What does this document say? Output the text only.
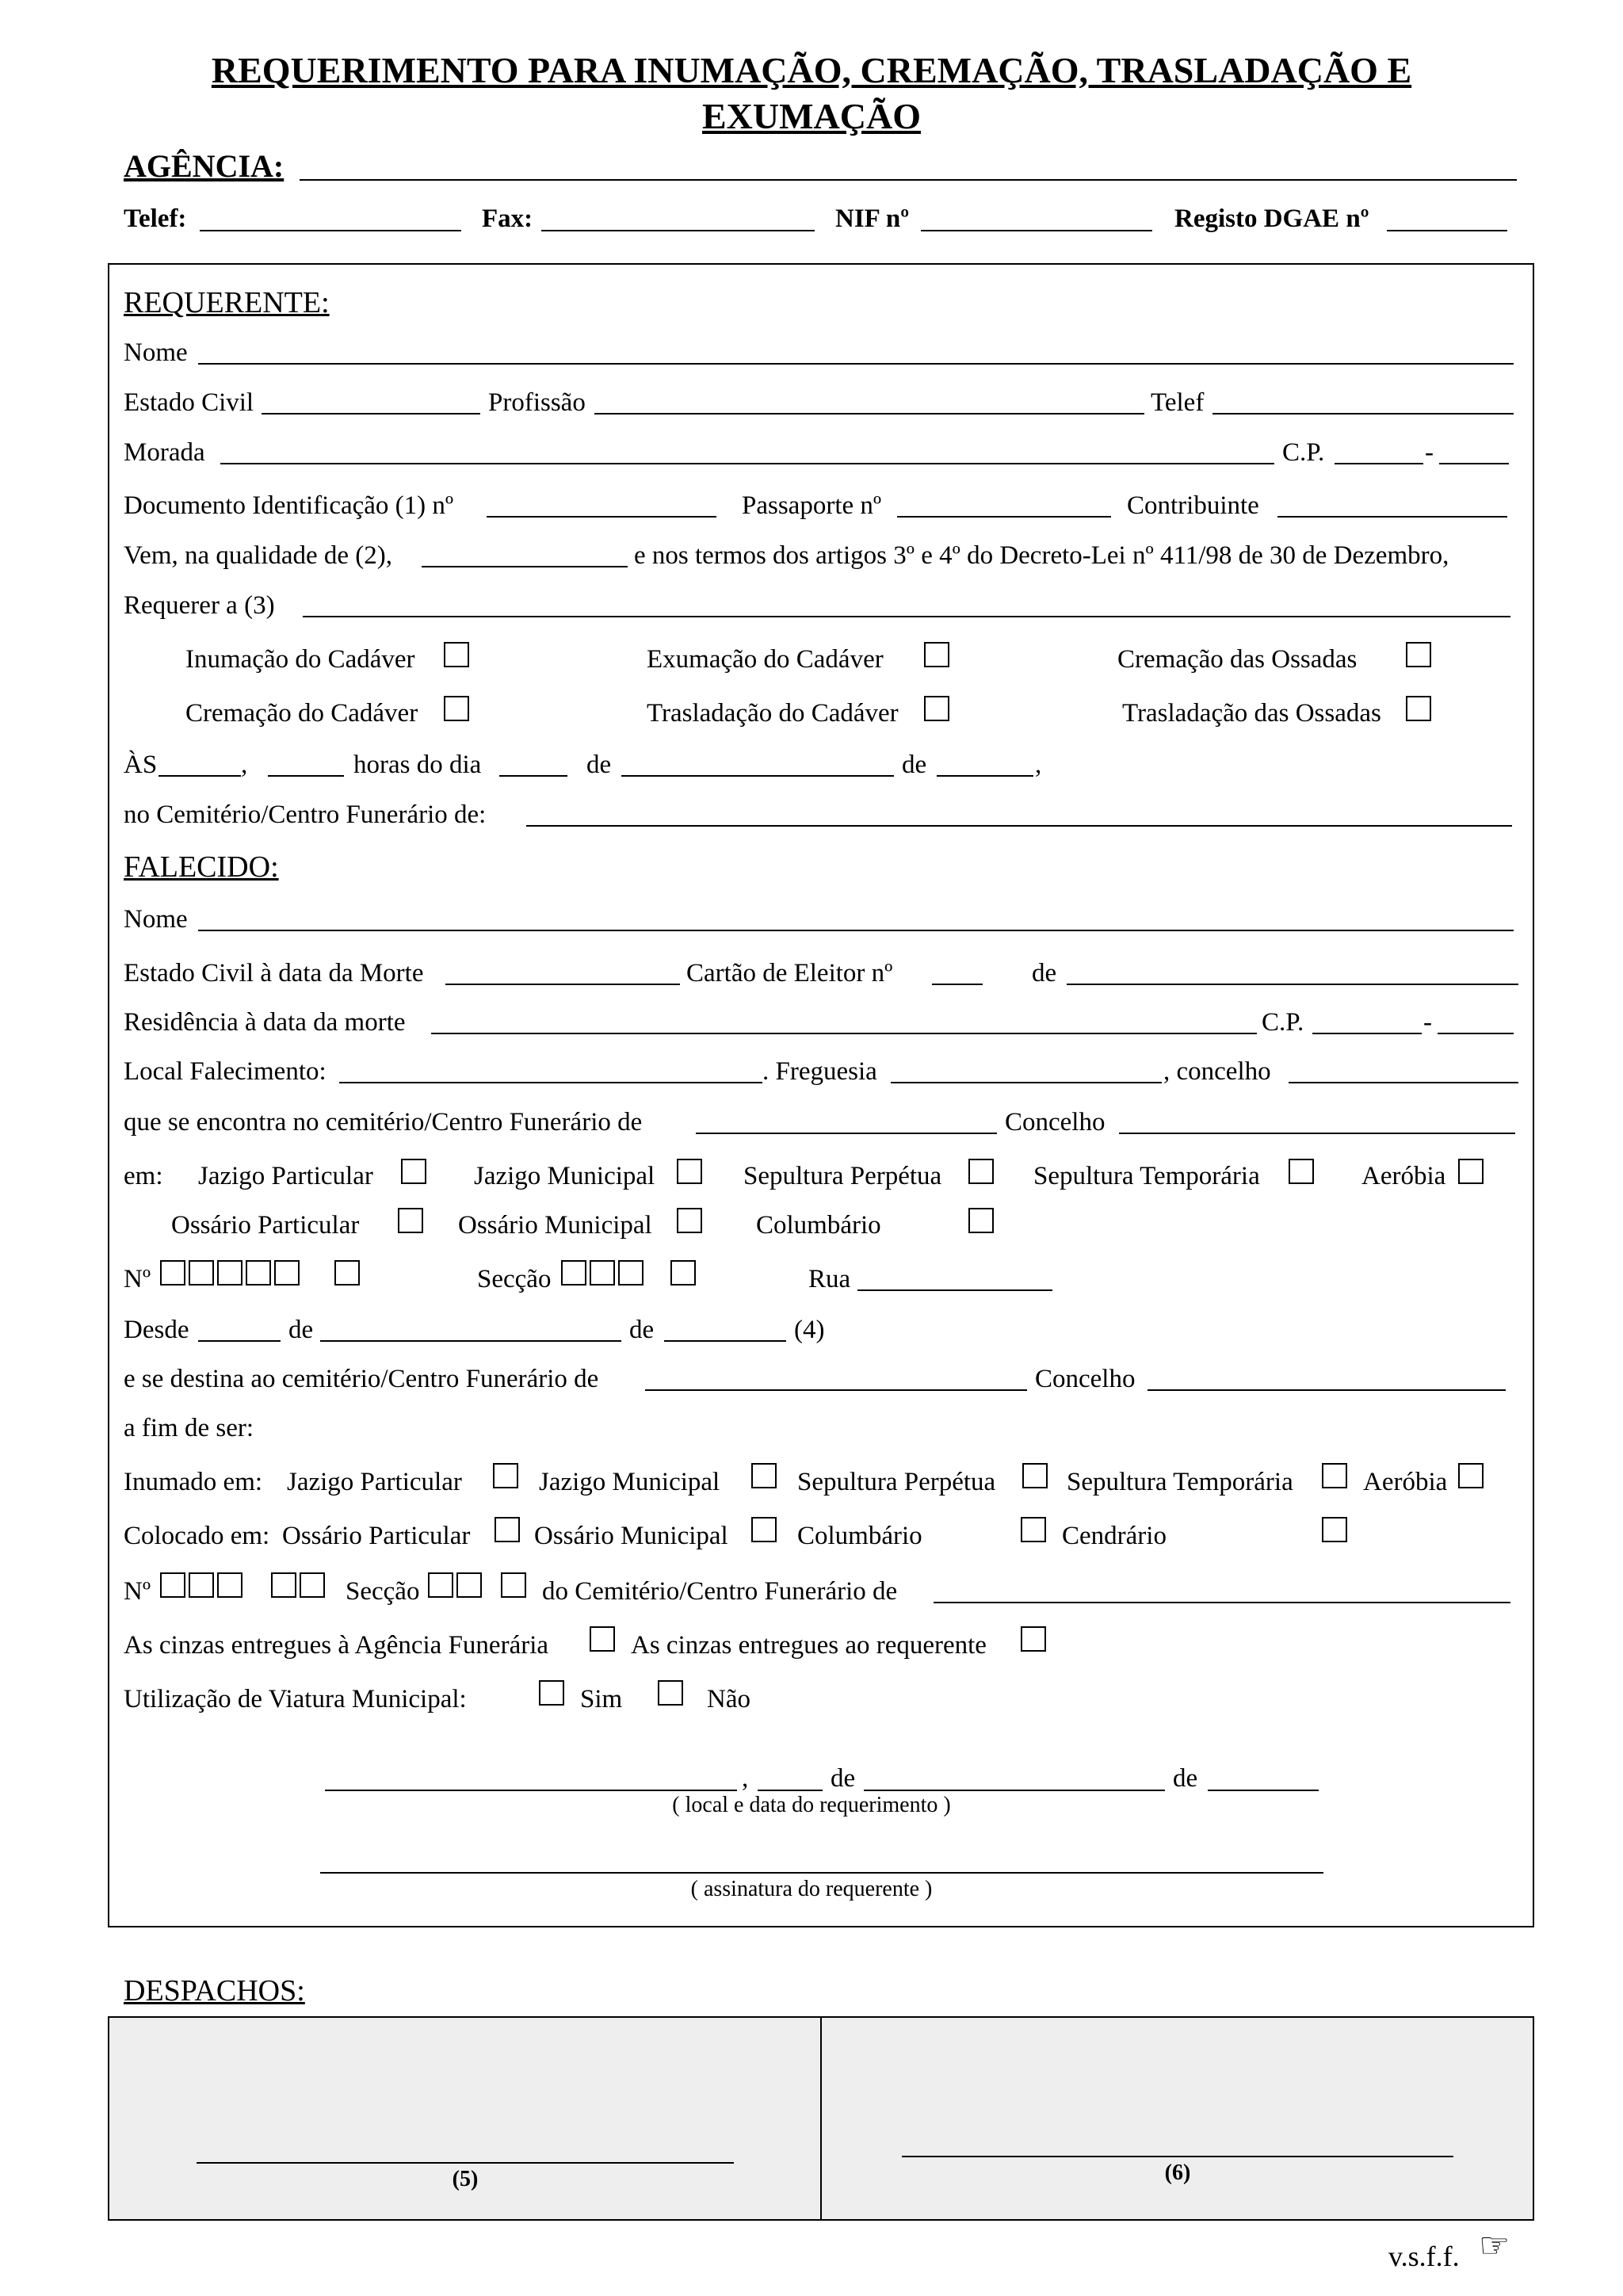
REQUERIMENTO PARA INUMAÇÃO, CREMAÇÃO, TRASLADAÇÃO E
EXUMAÇÃO
AGÊNCIA:
Telef:	Fax:	NIF nº	Registo DGAE nº
REQUERENTE:
Nome
Estado Civil	Profissão	Telef
Morada	C.P.	-
Documento Identificação (1) nº	Passaporte nº	Contribuinte
Vem, na qualidade de (2),	e nos termos dos artigos 3º e 4º do Decreto-Lei nº 411/98 de 30 de Dezembro,
Requerer a (3)
Inumação do Cadáver	Exumação do Cadáver	Cremação das Ossadas
Cremação do Cadáver	Trasladação do Cadáver	Trasladação das Ossadas
ÀS	,	horas do dia	de	de	,
no Cemitério/Centro Funerário de:
FALECIDO:
Nome
Estado Civil à data da Morte	Cartão de Eleitor nº	de
Residência à data da morte	C.P.	-
Local Falecimento:	. Freguesia	, concelho
que se encontra no cemitério/Centro Funerário de	Concelho
em: Jazigo Particular	Jazigo Municipal	Sepultura Perpétua	Sepultura Temporária	Aeróbia
Ossário Particular	Ossário Municipal	Columbário
Nº	Secção	Rua
Desde	de	de	(4)
e se destina ao cemitério/Centro Funerário de	Concelho
a fim de ser:
Inumado em: Jazigo Particular	Jazigo Municipal	Sepultura Perpétua	Sepultura Temporária	Aeróbia
Colocado em: Ossário Particular Ossário Municipal	Columbário	Cendrário
Nº	Secção	do Cemitério/Centro Funerário de
As cinzas entregues à Agência Funerária	As cinzas entregues ao requerente
Utilização de Viatura Municipal:	Sim	Não
,	de	de
( local e data do requerimento )
( assinatura do requerente )
DESPACHOS:
(5)	(6)
v.s.f.f. ☞
